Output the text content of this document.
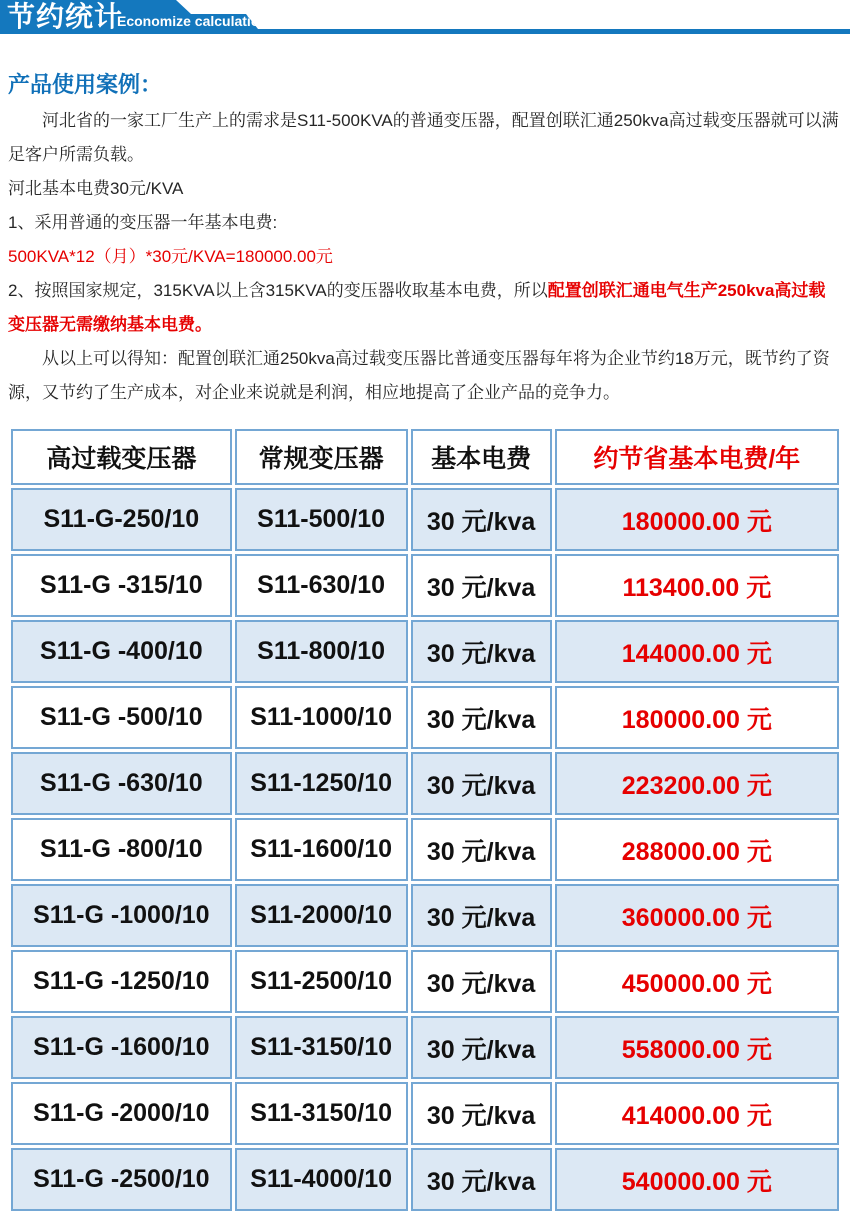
节约统计
Economize calculation
产品使用案例：

河北省的一家工厂生产上的需求是S11-500KVA的普通变压器，配置创联汇通250kva高过载变压器就可以满足客户所需负载。

河北基本电费30元/KVA

1、采用普通的变压器一年基本电费:

500KVA*12（月）*30元/KVA=180000.00元

2、按照国家规定，315KVA以上含315KVA的变压器收取基本电费，所以配置创联汇通电气生产250kva高过载变压器无需缴纳基本电费。

从以上可以得知：配置创联汇通250kva高过载变压器比普通变压器每年将为企业节约18万元，既节约了资源，又节约了生产成本，对企业来说就是利润，相应地提高了企业产品的竞争力。

高过载变压器	常规变压器	基本电费	约节省基本电费/年
S11-G-250/10	S11-500/10	30 元/kva	180000.00 元
S11-G -315/10	S11-630/10	30 元/kva	113400.00 元
S11-G -400/10	S11-800/10	30 元/kva	144000.00 元
S11-G -500/10	S11-1000/10	30 元/kva	180000.00 元
S11-G -630/10	S11-1250/10	30 元/kva	223200.00 元
S11-G -800/10	S11-1600/10	30 元/kva	288000.00 元
S11-G -1000/10	S11-2000/10	30 元/kva	360000.00 元
S11-G -1250/10	S11-2500/10	30 元/kva	450000.00 元
S11-G -1600/10	S11-3150/10	30 元/kva	558000.00 元
S11-G -2000/10	S11-3150/10	30 元/kva	414000.00 元
S11-G -2500/10	S11-4000/10	30 元/kva	540000.00 元
